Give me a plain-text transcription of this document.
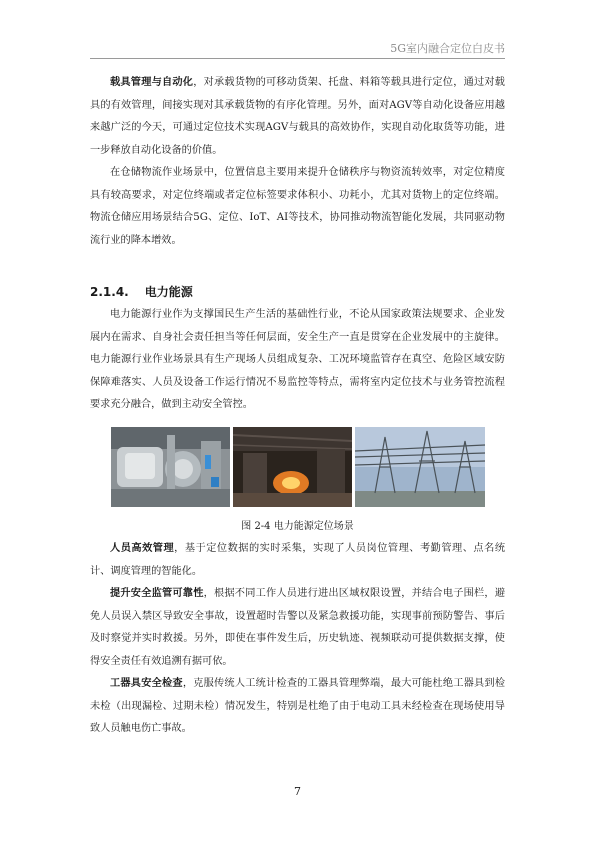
5G室内融合定位白皮书

载具管理与自动化，对承载货物的可移动货架、托盘、料箱等载具进行定位，通过对载具的有效管理，间接实现对其承载货物的有序化管理。另外，面对AGV等自动化设备应用越来越广泛的今天，可通过定位技术实现AGV与载具的高效协作，实现自动化取货等功能，进一步释放自动化设备的价值。

在仓储物流作业场景中，位置信息主要用来提升仓储秩序与物资流转效率，对定位精度具有较高要求，对定位终端或者定位标签要求体积小、功耗小，尤其对货物上的定位终端。物流仓储应用场景结合5G、定位、IoT、AI等技术，协同推动物流智能化发展，共同驱动物流行业的降本增效。

2.1.4. 电力能源

电力能源行业作为支撑国民生产生活的基础性行业，不论从国家政策法规要求、企业发展内在需求、自身社会责任担当等任何层面，安全生产一直是贯穿在企业发展中的主旋律。电力能源行业作业场景具有生产现场人员组成复杂、工况环境监管存在真空、危险区域安防保障难落实、人员及设备工作运行情况不易监控等特点，需将室内定位技术与业务管控流程要求充分融合，做到主动安全管控。

图 2-4 电力能源定位场景

人员高效管理，基于定位数据的实时采集，实现了人员岗位管理、考勤管理、点名统计、调度管理的智能化。

提升安全监管可靠性，根据不同工作人员进行进出区域权限设置，并结合电子围栏，避免人员误入禁区导致安全事故，设置超时告警以及紧急救援功能，实现事前预防警告、事后及时察觉并实时救援。另外，即使在事件发生后，历史轨迹、视频联动可提供数据支撑，使得安全责任有效追溯有据可依。

工器具安全检查，克服传统人工统计检查的工器具管理弊端，最大可能杜绝工器具到检未检（出现漏检、过期未检）情况发生，特别是杜绝了由于电动工具未经检查在现场使用导致人员触电伤亡事故。

7
